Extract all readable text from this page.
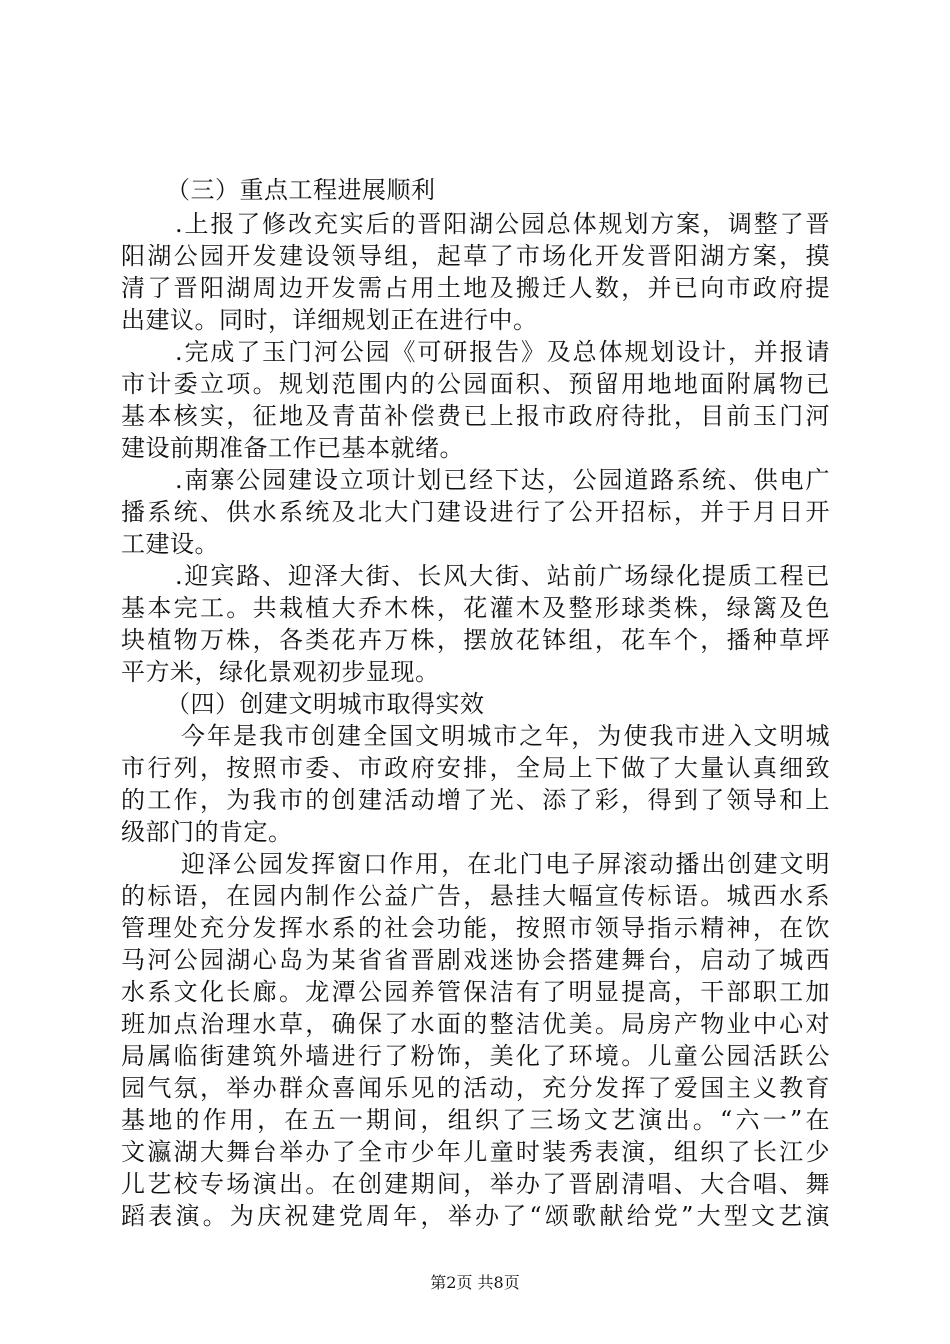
（三）重点工程进展顺利
.上报了修改充实后的晋阳湖公园总体规划方案，调整了晋
阳湖公园开发建设领导组，起草了市场化开发晋阳湖方案，摸
清了晋阳湖周边开发需占用土地及搬迁人数，并已向市政府提
出建议。同时，详细规划正在进行中。
.完成了玉门河公园《可研报告》及总体规划设计，并报请
市计委立项。规划范围内的公园面积、预留用地地面附属物已
基本核实，征地及青苗补偿费已上报市政府待批，目前玉门河
建设前期准备工作已基本就绪。
.南寨公园建设立项计划已经下达，公园道路系统、供电广
播系统、供水系统及北大门建设进行了公开招标，并于月日开
工建设。
.迎宾路、迎泽大街、长风大街、站前广场绿化提质工程已
基本完工。共栽植大乔木株，花灌木及整形球类株，绿篱及色
块植物万株，各类花卉万株，摆放花钵组，花车个，播种草坪
平方米，绿化景观初步显现。
（四）创建文明城市取得实效
今年是我市创建全国文明城市之年，为使我市进入文明城
市行列，按照市委、市政府安排，全局上下做了大量认真细致
的工作，为我市的创建活动增了光、添了彩，得到了领导和上
级部门的肯定。
迎泽公园发挥窗口作用，在北门电子屏滚动播出创建文明
的标语，在园内制作公益广告，悬挂大幅宣传标语。城西水系
管理处充分发挥水系的社会功能，按照市领导指示精神，在饮
马河公园湖心岛为某省省晋剧戏迷协会搭建舞台，启动了城西
水系文化长廊。龙潭公园养管保洁有了明显提高，干部职工加
班加点治理水草，确保了水面的整洁优美。局房产物业中心对
局属临街建筑外墙进行了粉饰，美化了环境。儿童公园活跃公
园气氛，举办群众喜闻乐见的活动，充分发挥了爱国主义教育
基地的作用，在五一期间，组织了三场文艺演出。“六一”在
文瀛湖大舞台举办了全市少年儿童时装秀表演，组织了长江少
儿艺校专场演出。在创建期间，举办了晋剧清唱、大合唱、舞
蹈表演。为庆祝建党周年，举办了“颂歌献给党”大型文艺演
第2页 共8页
